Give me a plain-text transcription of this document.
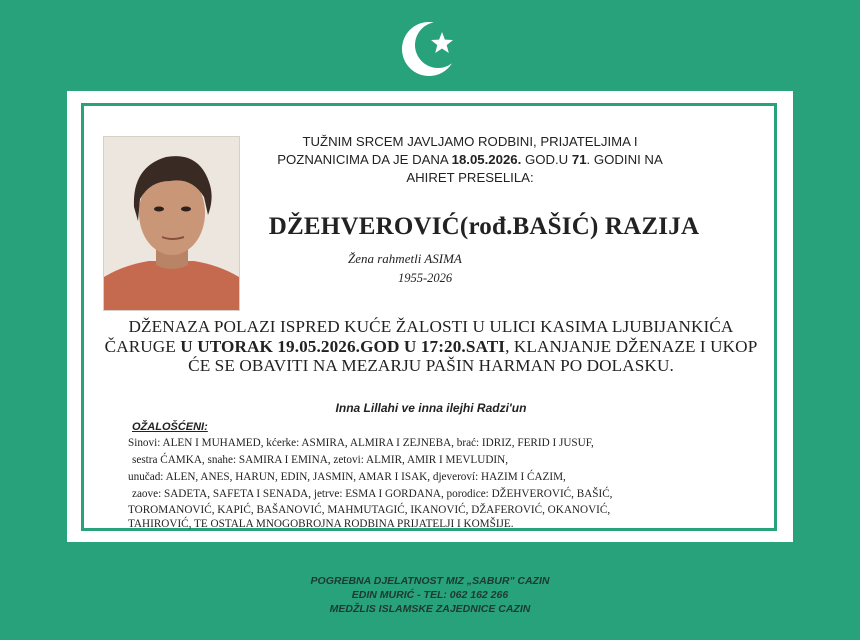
TUŽNIM SRCEM JAVLJAMO RODBINI, PRIJATELJIMA I
POZNANICIMA DA JE DANA 18.05.2026. GOD.U 71. GODINI NA
AHIRET PRESELILA:
DŽEHVEROVIĆ(rođ.BAŠIĆ) RAZIJA
Žena rahmetli ASIMA
1955-2026
DŽENAZA POLAZI ISPRED KUĆE ŽALOSTI U ULICI KASIMA LJUBIJANKIĆA ČARUGE U UTORAK 19.05.2026.GOD U 17:20.SATI, KLANJANJE DŽENAZE I UKOP ĆE SE OBAVITI NA MEZARJU PAŠIN HARMAN PO DOLASKU.
Inna Lillahi ve inna ilejhi Radzi'un
OŽALOŠĆENI:
Sinovi: ALEN I MUHAMED, kćerke: ASMIRA, ALMIRA I ZEJNEBA, brać: IDRIZ, FERID I JUSUF,
sestra ĆAMKA, snahe: SAMIRA I EMINA, zetovi: ALMIR, AMIR I MEVLUDIN,
unučad: ALEN, ANES, HARUN, EDIN, JASMIN, AMAR I ISAK, djeveroví: HAZIM I ĆAZIM,
zaove: SADETA, SAFETA I SENADA, jetrve: ESMA I GORDANA, porodice: DŽEHVEROVIĆ, BAŠIĆ,
TOROMANOVIĆ, KAPIĆ, BAŠANOVIĆ, MAHMUTAGIĆ, IKANOVIĆ, DŽAFEROVIĆ, OKANOVIĆ,
TAHIROVIĆ, TE OSTALA MNOGOBROJNA RODBINA PRIJATELJI I KOMŠIJE.
POGREBNA DJELATNOST MIZ „SABUR" CAZIN
EDIN MURIĆ - TEL: 062 162 266
MEDŽLIS ISLAMSKE ZAJEDNICE CAZIN
